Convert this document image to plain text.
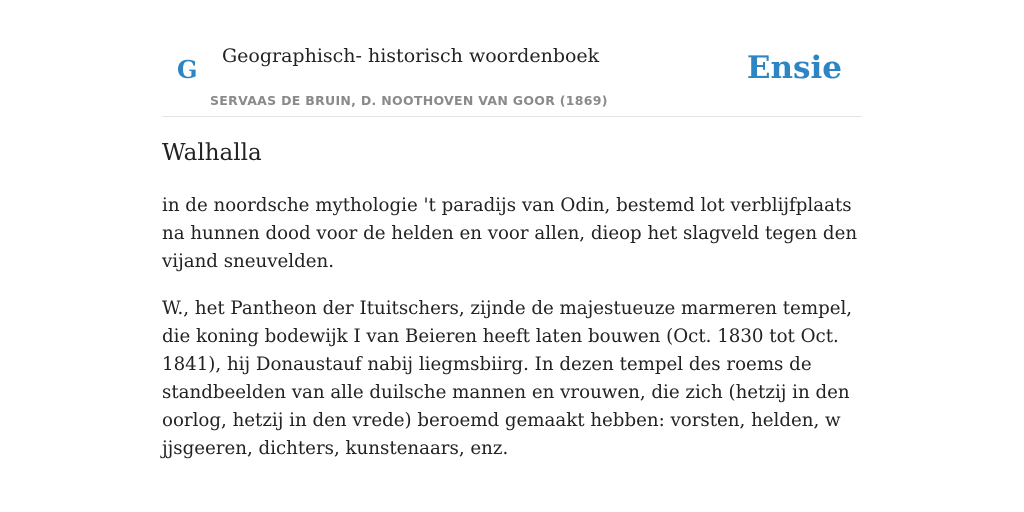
G Geographisch- historisch woordenboek
SERVAAS DE BRUIN, D. NOOTHOVEN VAN GOOR (1869)
Ensie
Walhalla

in de noordsche mythologie 't paradijs van Odin, bestemd lot verblijfplaats na hunnen dood voor de helden en voor allen, dieop het slagveld tegen den vijand sneuvelden.

W., het Pantheon der Ituitschers, zijnde de majestueuze marmeren tempel, die koning bodewijk I van Beieren heeft laten bouwen (Oct. 1830 tot Oct. 1841), hij Donaustauf nabij liegmsbiirg. In dezen tempel des roems de standbeelden van alle duilsche mannen en vrouwen, die zich (hetzij in den oorlog, hetzij in den vrede) beroemd gemaakt hebben: vorsten, helden, w jjsgeeren, dichters, kunstenaars, enz.
